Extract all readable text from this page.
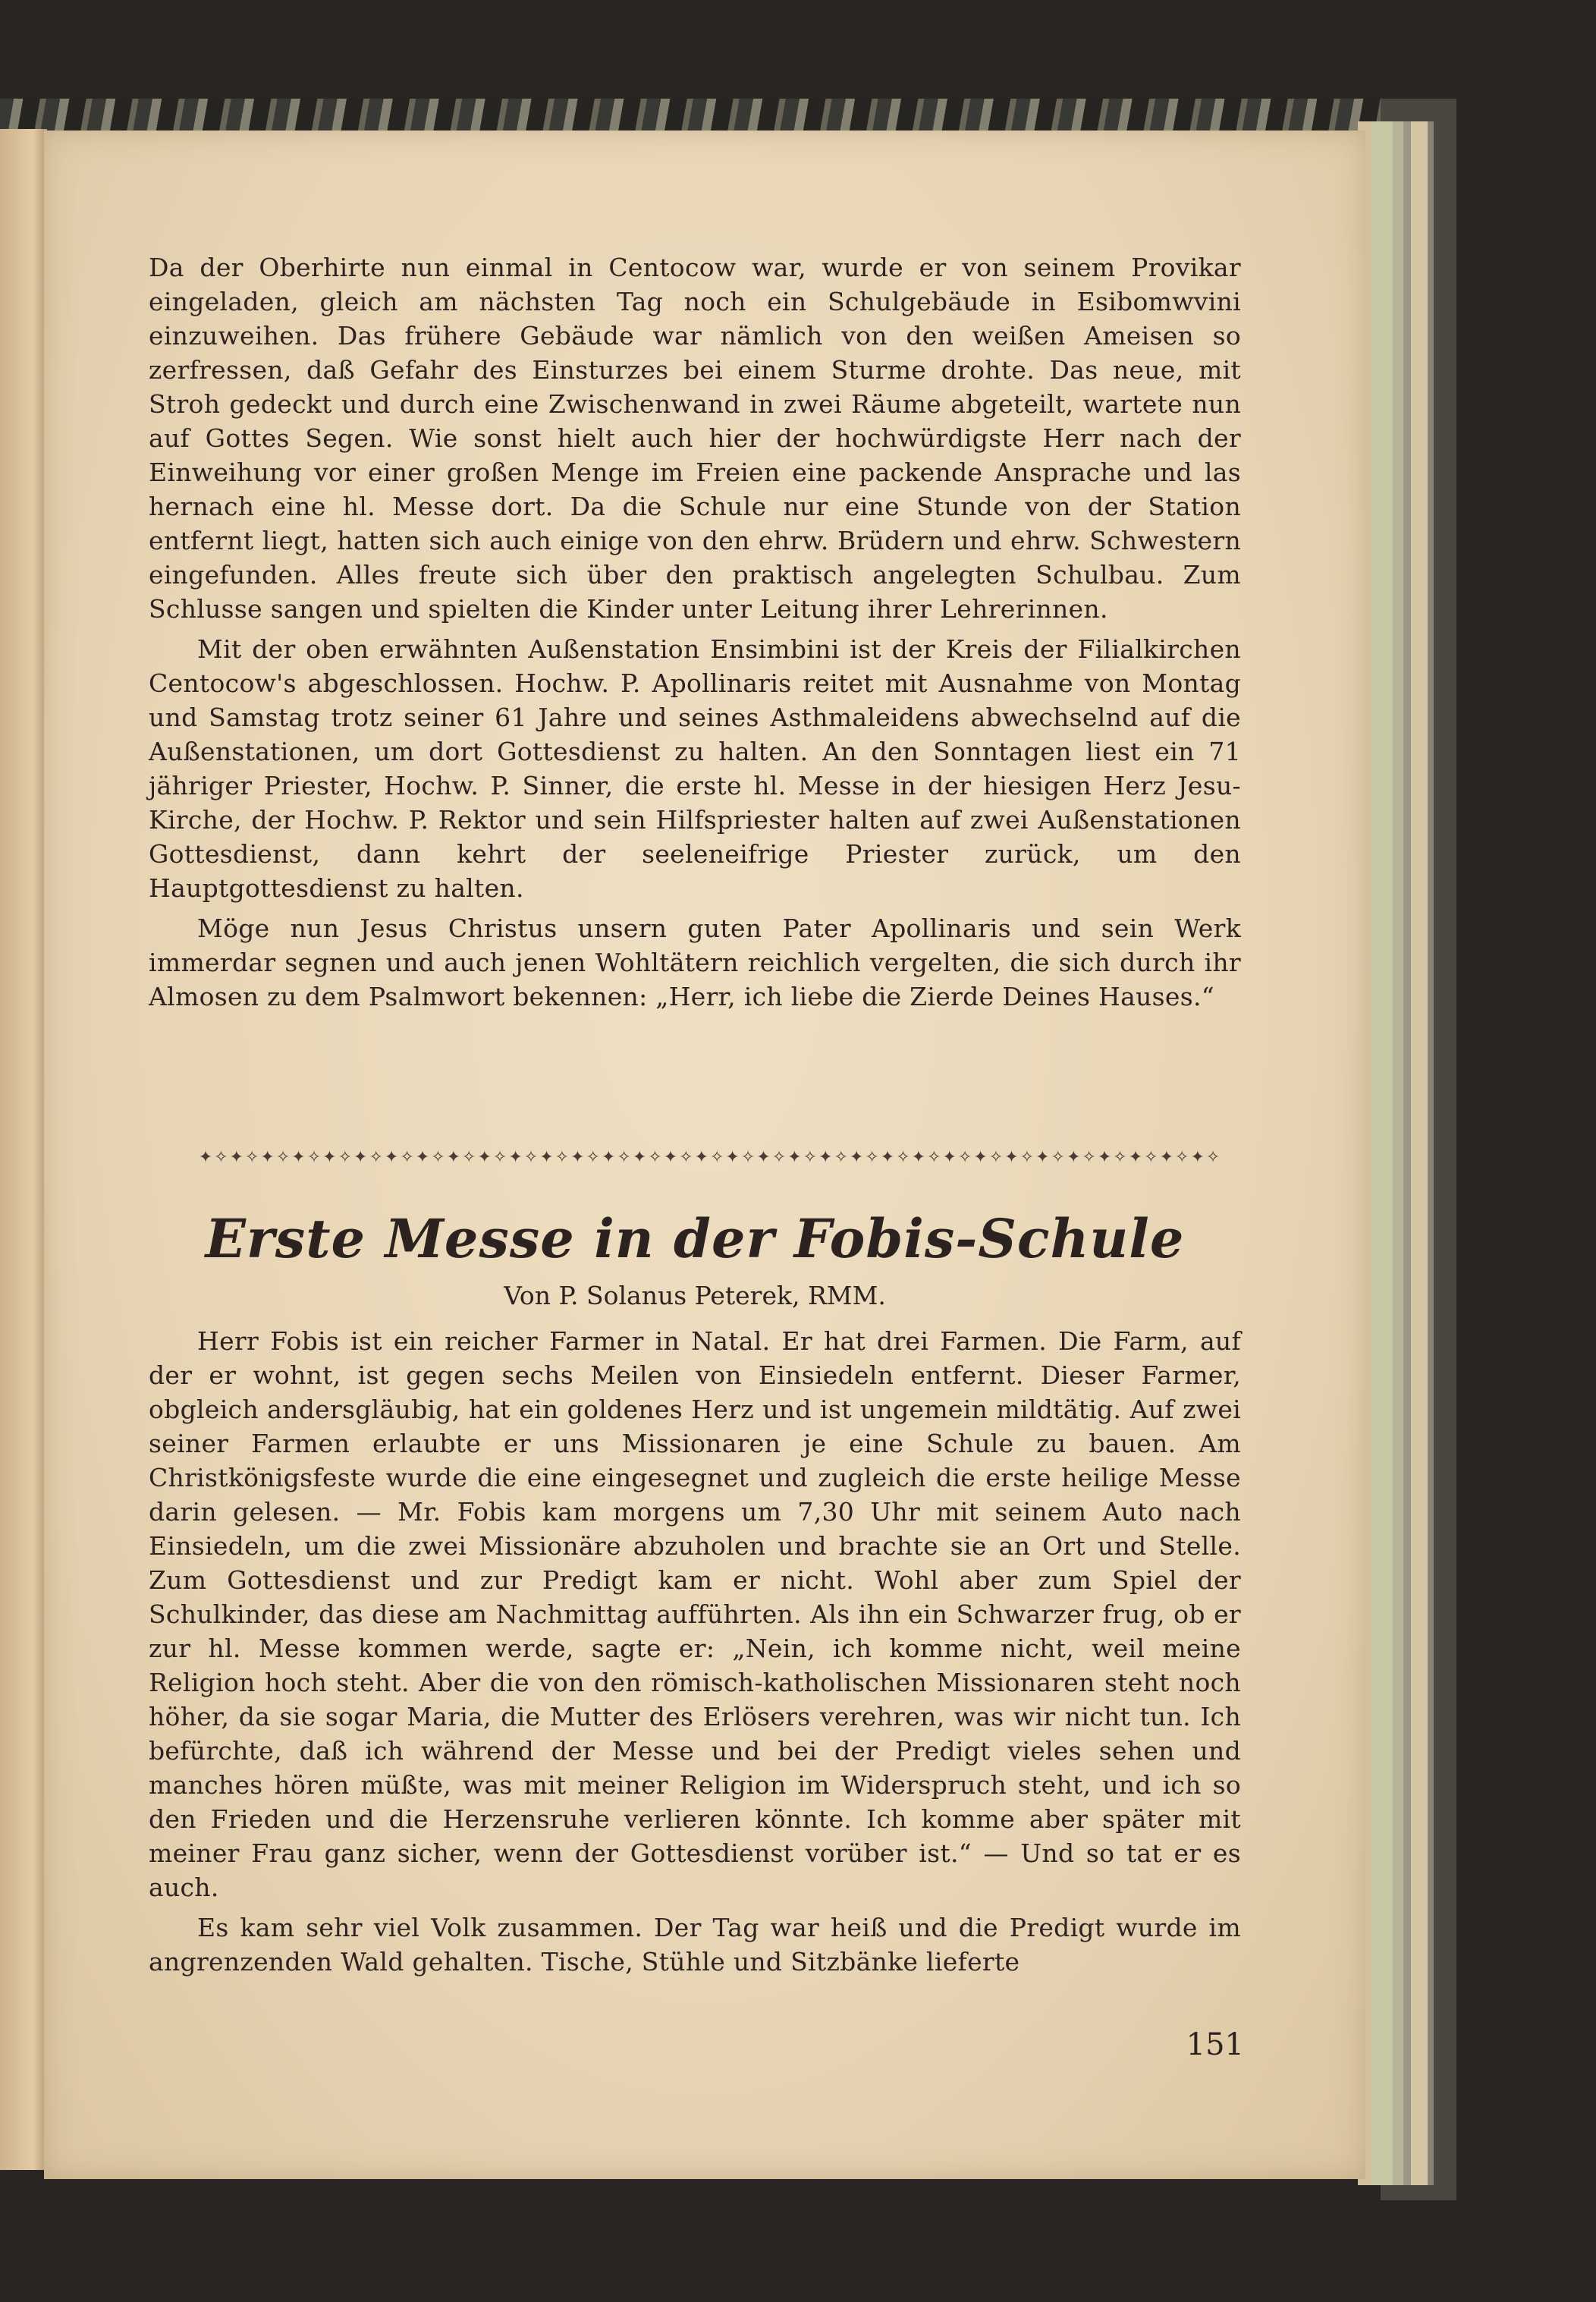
Da der Oberhirte nun einmal in Centocow war, wurde er von seinem Provikar eingeladen, gleich am nächsten Tag noch ein Schulgebäude in Esibomwvini einzuweihen. Das frühere Gebäude war nämlich von den weißen Ameisen so zerfressen, daß Gefahr des Einsturzes bei einem Sturme drohte. Das neue, mit Stroh gedeckt und durch eine Zwischenwand in zwei Räume abgeteilt, wartete nun auf Gottes Segen. Wie sonst hielt auch hier der hochwürdigste Herr nach der Einweihung vor einer großen Menge im Freien eine packende Ansprache und las hernach eine hl. Messe dort. Da die Schule nur eine Stunde von der Station entfernt liegt, hatten sich auch einige von den ehrw. Brüdern und ehrw. Schwestern eingefunden. Alles freute sich über den praktisch angelegten Schulbau. Zum Schlusse sangen und spielten die Kinder unter Leitung ihrer Lehrerinnen.

Mit der oben erwähnten Außenstation Ensimbini ist der Kreis der Filialkirchen Centocow's abgeschlossen. Hochw. P. Apollinaris reitet mit Ausnahme von Montag und Samstag trotz seiner 61 Jahre und seines Asthmaleidens abwechselnd auf die Außenstationen, um dort Gottesdienst zu halten. An den Sonntagen liest ein 71 jähriger Priester, Hochw. P. Sinner, die erste hl. Messe in der hiesigen Herz Jesu-Kirche, der Hochw. P. Rektor und sein Hilfspriester halten auf zwei Außenstationen Gottesdienst, dann kehrt der seeleneifrige Priester zurück, um den Hauptgottesdienst zu halten.

Möge nun Jesus Christus unsern guten Pater Apollinaris und sein Werk immerdar segnen und auch jenen Wohltätern reichlich vergelten, die sich durch ihr Almosen zu dem Psalmwort bekennen: „Herr, ich liebe die Zierde Deines Hauses.“

✦✧✦✧✦✧✦✧✦✧✦✧✦✧✦✧✦✧✦✧✦✧✦✧✦✧✦✧✦✧✦✧✦✧✦✧✦✧✦✧✦✧✦✧✦✧✦✧✦✧✦✧✦✧✦✧✦✧✦✧✦✧✦✧✦✧
Erste Messe in der Fobis-Schule
Von P. Solanus Peterek, RMM.

Herr Fobis ist ein reicher Farmer in Natal. Er hat drei Farmen. Die Farm, auf der er wohnt, ist gegen sechs Meilen von Einsiedeln entfernt. Dieser Farmer, obgleich andersgläubig, hat ein goldenes Herz und ist ungemein mildtätig. Auf zwei seiner Farmen erlaubte er uns Missionaren je eine Schule zu bauen. Am Christkönigsfeste wurde die eine eingesegnet und zugleich die erste heilige Messe darin gelesen. — Mr. Fobis kam morgens um 7,30 Uhr mit seinem Auto nach Einsiedeln, um die zwei Missionäre abzuholen und brachte sie an Ort und Stelle. Zum Gottesdienst und zur Predigt kam er nicht. Wohl aber zum Spiel der Schulkinder, das diese am Nachmittag aufführten. Als ihn ein Schwarzer frug, ob er zur hl. Messe kommen werde, sagte er: „Nein, ich komme nicht, weil meine Religion hoch steht. Aber die von den römisch-katholischen Missionaren steht noch höher, da sie sogar Maria, die Mutter des Erlösers verehren, was wir nicht tun. Ich befürchte, daß ich während der Messe und bei der Predigt vieles sehen und manches hören müßte, was mit meiner Religion im Widerspruch steht, und ich so den Frieden und die Herzensruhe verlieren könnte. Ich komme aber später mit meiner Frau ganz sicher, wenn der Gottesdienst vorüber ist.“ — Und so tat er es auch.

Es kam sehr viel Volk zusammen. Der Tag war heiß und die Predigt wurde im angrenzenden Wald gehalten. Tische, Stühle und Sitzbänke lieferte

151
